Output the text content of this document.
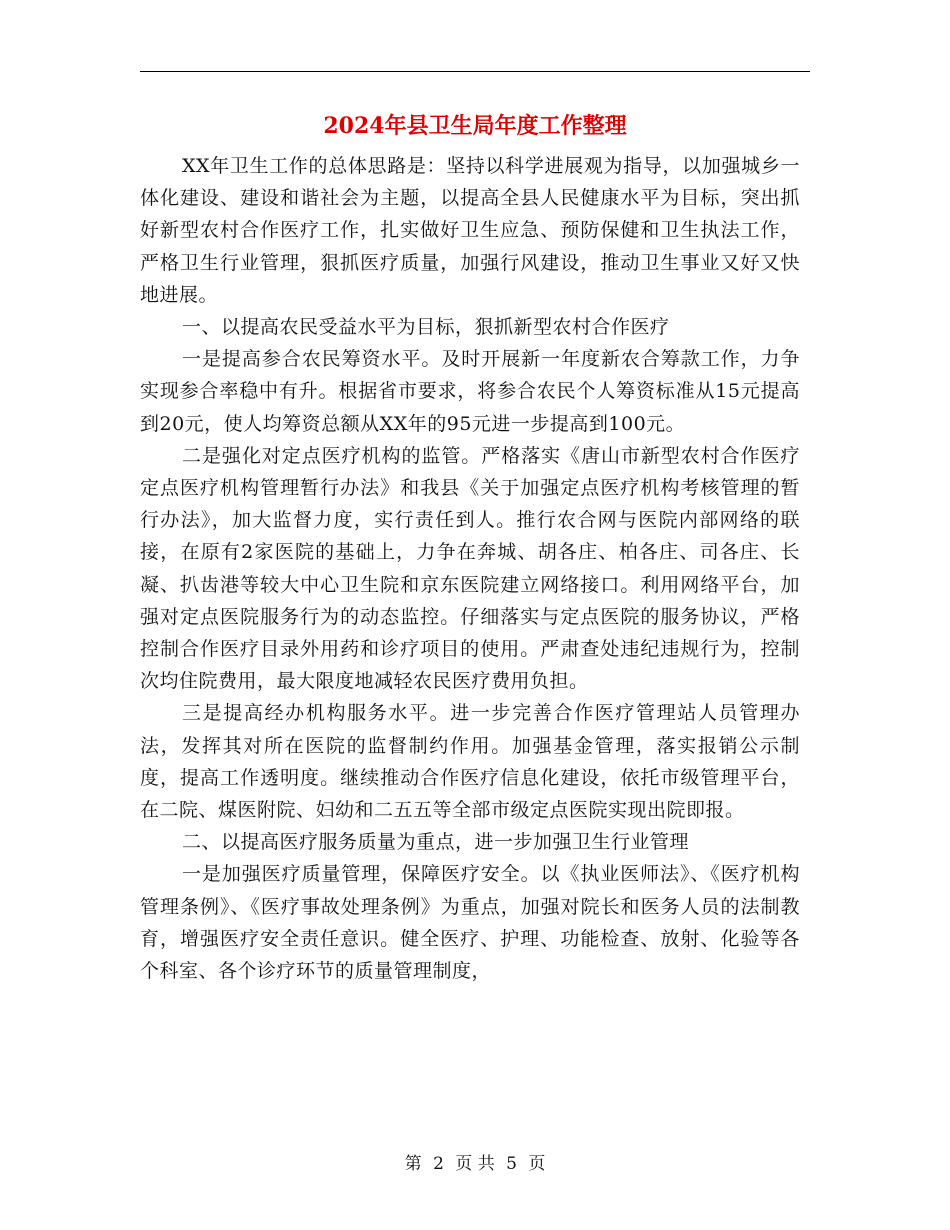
2024年县卫生局年度工作整理

XX年卫生工作的总体思路是：坚持以科学进展观为指导，以加强城乡一体化建设、建设和谐社会为主题，以提高全县人民健康水平为目标，突出抓好新型农村合作医疗工作，扎实做好卫生应急、预防保健和卫生执法工作，严格卫生行业管理，狠抓医疗质量，加强行风建设，推动卫生事业又好又快地进展。

一、以提高农民受益水平为目标，狠抓新型农村合作医疗

一是提高参合农民筹资水平。及时开展新一年度新农合筹款工作，力争实现参合率稳中有升。根据省市要求，将参合农民个人筹资标准从15元提高到20元，使人均筹资总额从XX年的95元进一步提高到100元。

二是强化对定点医疗机构的监管。严格落实《唐山市新型农村合作医疗定点医疗机构管理暂行办法》和我县《关于加强定点医疗机构考核管理的暂行办法》，加大监督力度，实行责任到人。推行农合网与医院内部网络的联接，在原有2家医院的基础上，力争在奔城、胡各庄、柏各庄、司各庄、长凝、扒齿港等较大中心卫生院和京东医院建立网络接口。利用网络平台，加强对定点医院服务行为的动态监控。仔细落实与定点医院的服务协议，严格控制合作医疗目录外用药和诊疗项目的使用。严肃查处违纪违规行为，控制次均住院费用，最大限度地减轻农民医疗费用负担。

三是提高经办机构服务水平。进一步完善合作医疗管理站人员管理办法，发挥其对所在医院的监督制约作用。加强基金管理，落实报销公示制度，提高工作透明度。继续推动合作医疗信息化建设，依托市级管理平台，在二院、煤医附院、妇幼和二五五等全部市级定点医院实现出院即报。

二、以提高医疗服务质量为重点，进一步加强卫生行业管理

一是加强医疗质量管理，保障医疗安全。以《执业医师法》、《医疗机构管理条例》、《医疗事故处理条例》为重点，加强对院长和医务人员的法制教育，增强医疗安全责任意识。健全医疗、护理、功能检查、放射、化验等各个科室、各个诊疗环节的质量管理制度，

第 2 页 共 5 页
